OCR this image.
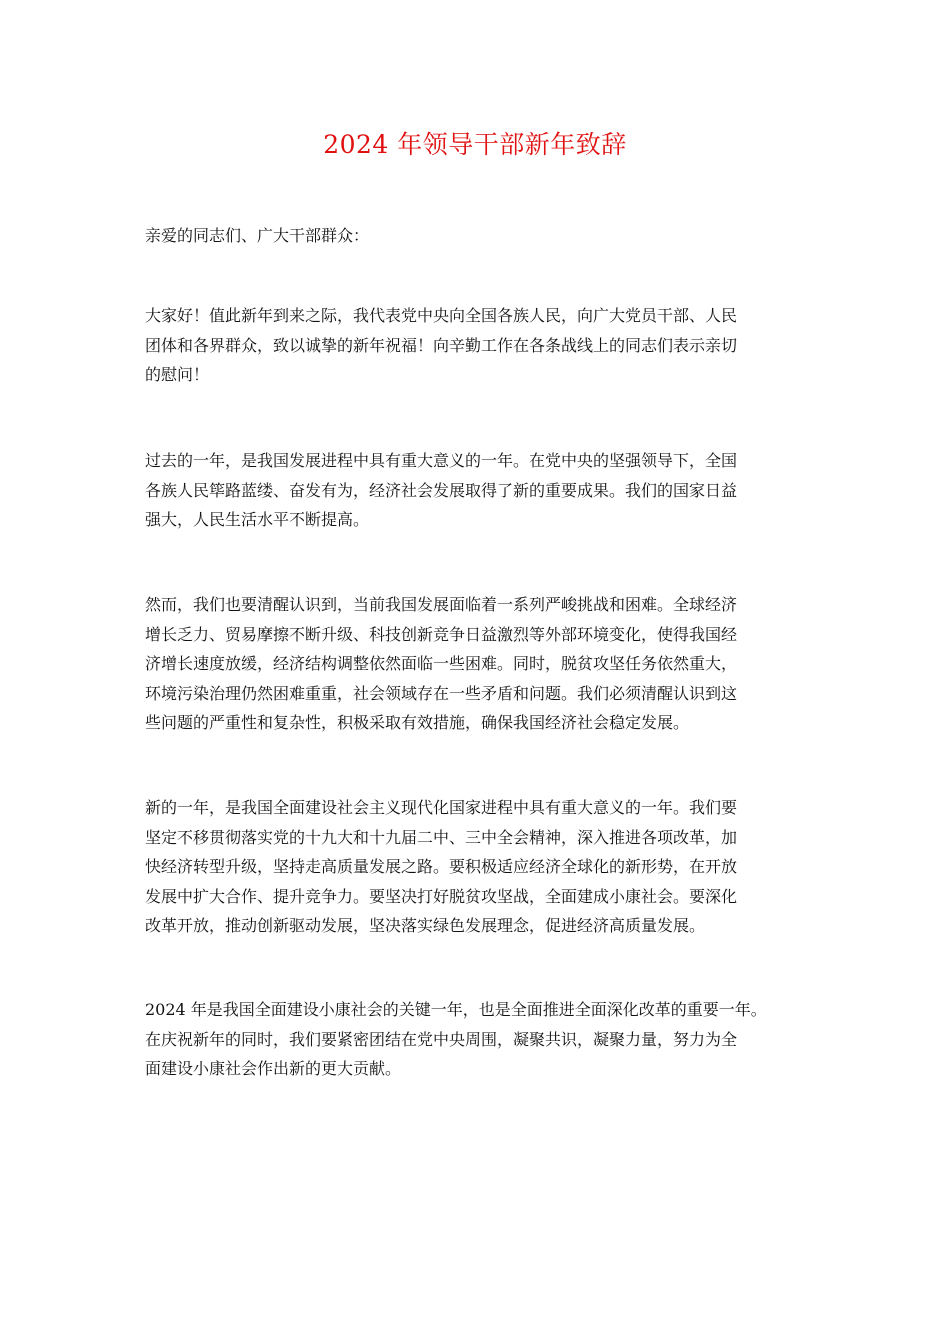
2024 年领导干部新年致辞
亲爱的同志们、广大干部群众：
大家好！值此新年到来之际，我代表党中央向全国各族人民，向广大党员干部、人民
团体和各界群众，致以诚挚的新年祝福！向辛勤工作在各条战线上的同志们表示亲切
的慰问！
过去的一年，是我国发展进程中具有重大意义的一年。在党中央的坚强领导下，全国
各族人民筚路蓝缕、奋发有为，经济社会发展取得了新的重要成果。我们的国家日益
强大，人民生活水平不断提高。
然而，我们也要清醒认识到，当前我国发展面临着一系列严峻挑战和困难。全球经济
增长乏力、贸易摩擦不断升级、科技创新竞争日益激烈等外部环境变化，使得我国经
济增长速度放缓，经济结构调整依然面临一些困难。同时，脱贫攻坚任务依然重大，
环境污染治理仍然困难重重，社会领域存在一些矛盾和问题。我们必须清醒认识到这
些问题的严重性和复杂性，积极采取有效措施，确保我国经济社会稳定发展。
新的一年，是我国全面建设社会主义现代化国家进程中具有重大意义的一年。我们要
坚定不移贯彻落实党的十九大和十九届二中、三中全会精神，深入推进各项改革，加
快经济转型升级，坚持走高质量发展之路。要积极适应经济全球化的新形势，在开放
发展中扩大合作、提升竞争力。要坚决打好脱贫攻坚战，全面建成小康社会。要深化
改革开放，推动创新驱动发展，坚决落实绿色发展理念，促进经济高质量发展。
2024 年是我国全面建设小康社会的关键一年，也是全面推进全面深化改革的重要一年。
在庆祝新年的同时，我们要紧密团结在党中央周围，凝聚共识，凝聚力量，努力为全
面建设小康社会作出新的更大贡献。
